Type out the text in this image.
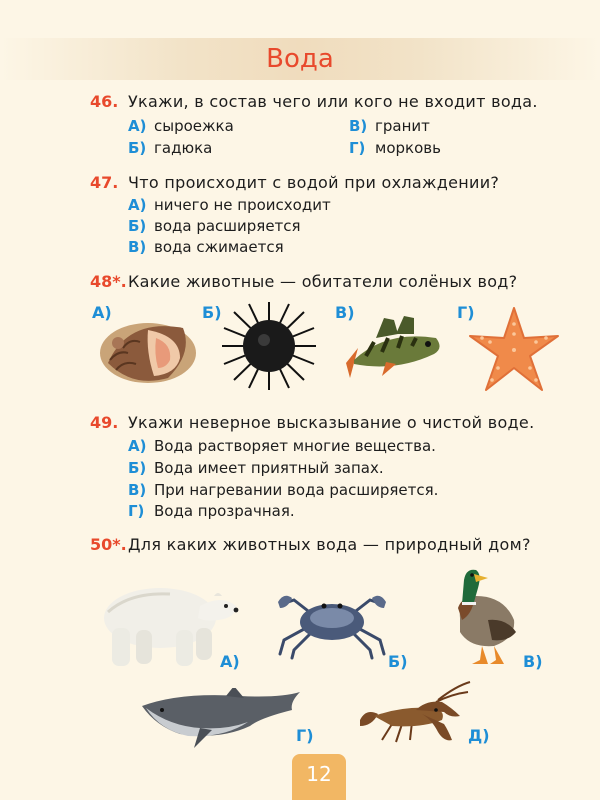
Вода
46. Укажи, в состав чего или кого не входит вода.
А) сыроежка
Б) гадюка
В) гранит
Г) морковь
47. Что происходит с водой при охлаждении?
А) ничего не происходит
Б) вода расширяется
В) вода сжимается
48*. Какие животные — обитатели солёных вод?
А)	Б)	В)	Г)
49. Укажи неверное высказывание о чистой воде.
А) Вода растворяет многие вещества.
Б) Вода имеет приятный запах.
В) При нагревании вода расширяется.
Г) Вода прозрачная.
50*. Для каких животных вода — природный дом?
А)	Б)	В)
Г)	Д)
12
